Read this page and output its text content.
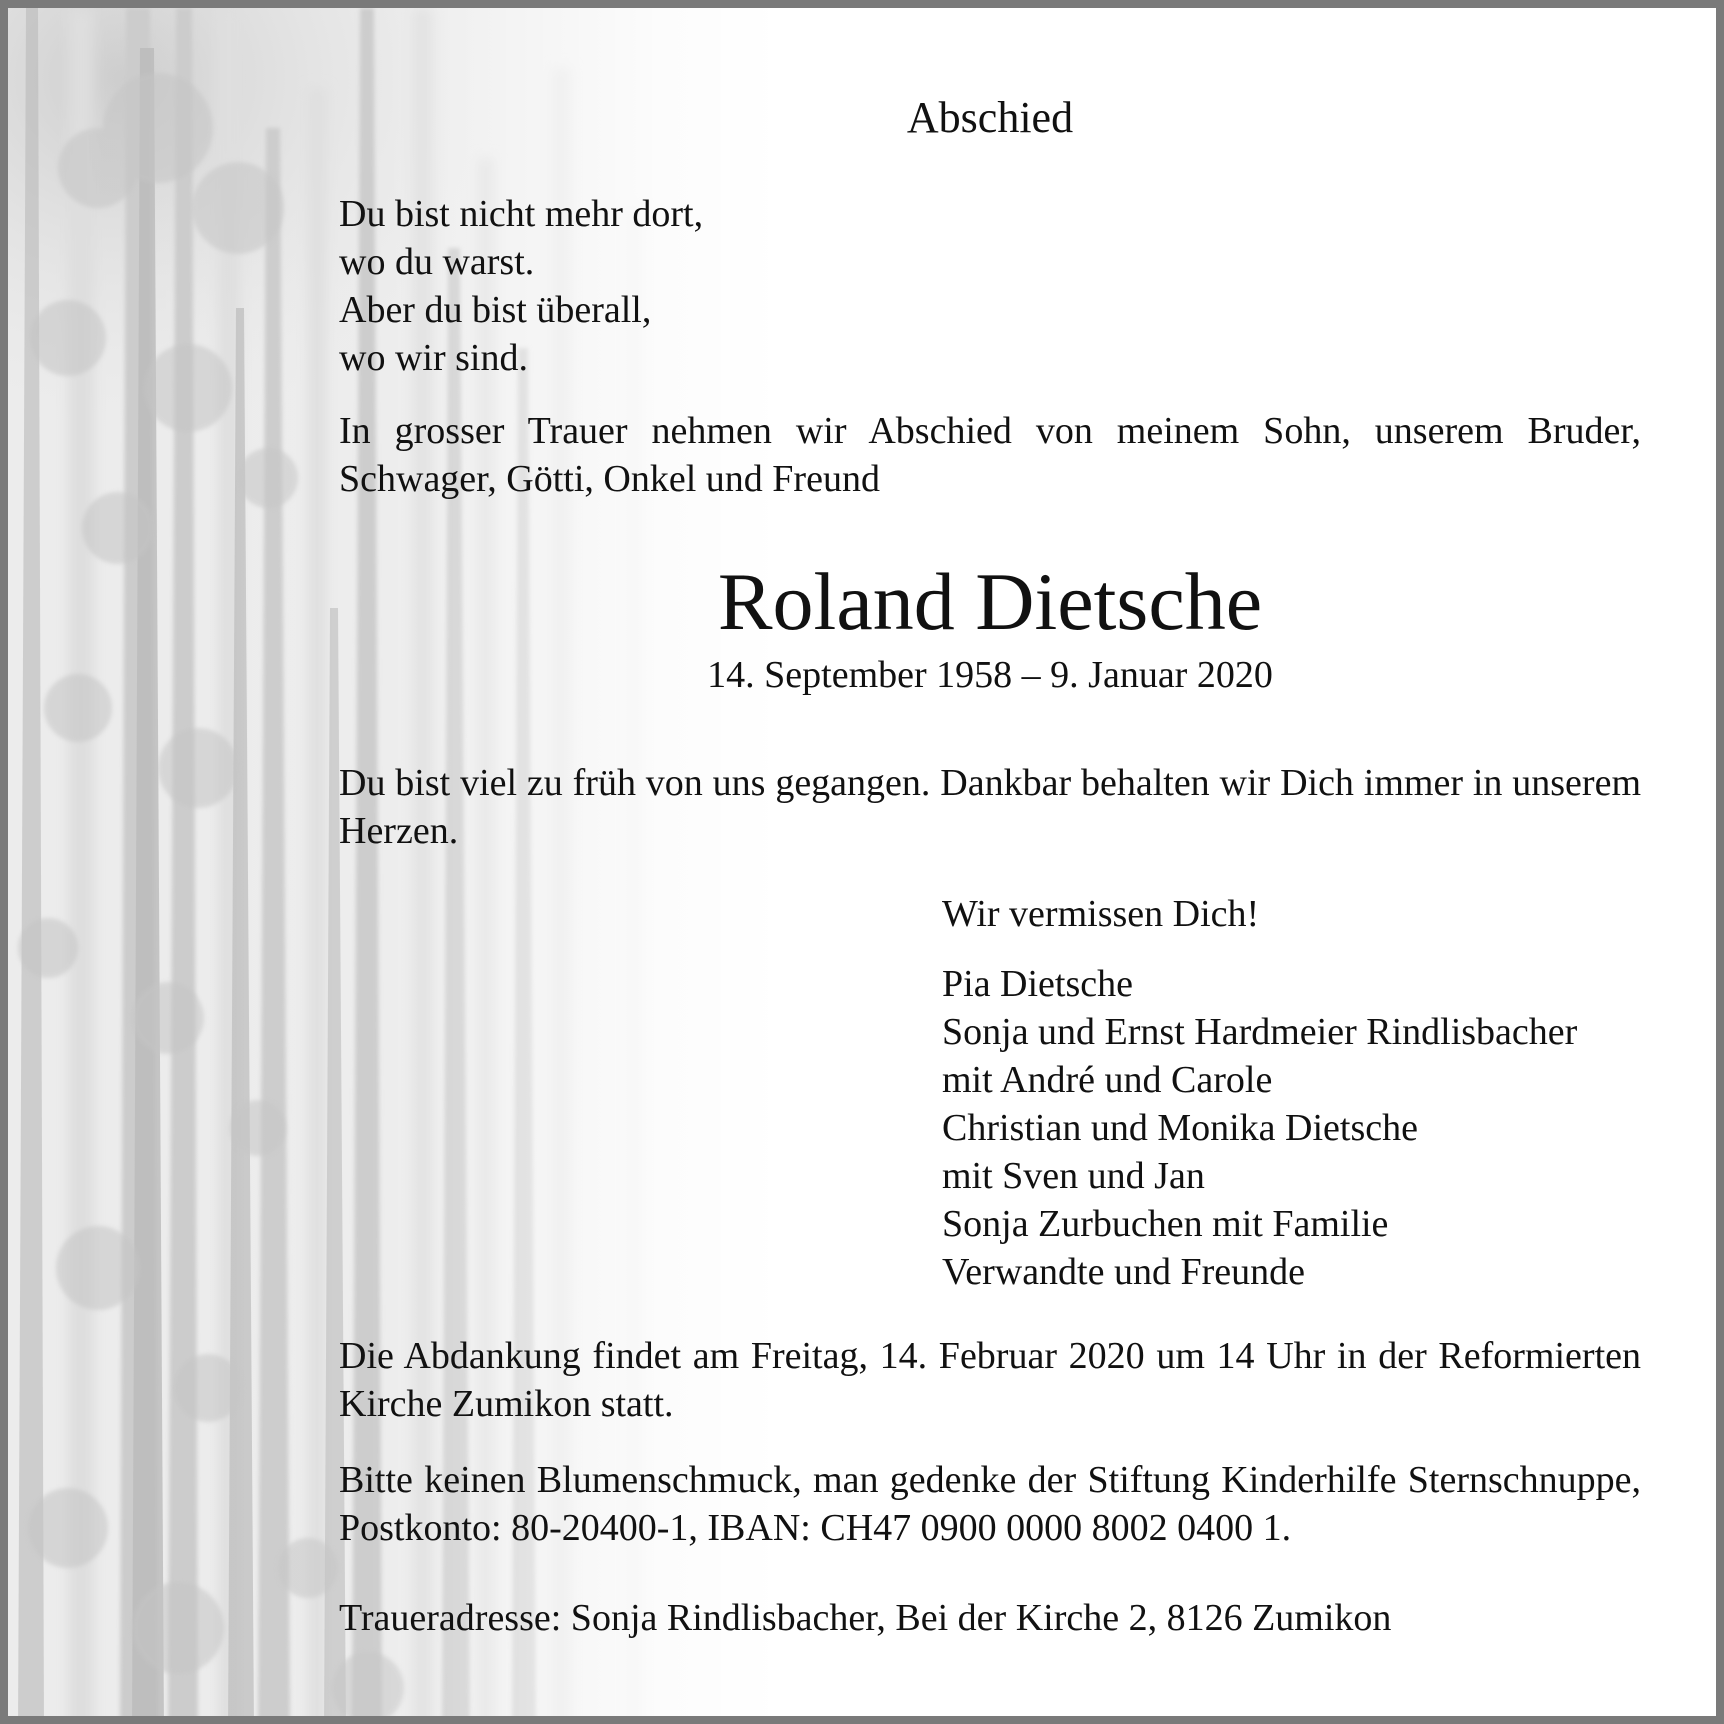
Abschied
Du bist nicht mehr dort,
wo du warst.
Aber du bist überall,
wo wir sind.
In grosser Trauer nehmen wir Abschied von meinem Sohn, unserem Bruder, Schwager, Götti, Onkel und Freund
Roland Dietsche
14. September 1958 – 9. Januar 2020
Du bist viel zu früh von uns gegangen. Dankbar behalten wir Dich immer in unserem Herzen.
Wir vermissen Dich!
Pia Dietsche
Sonja und Ernst Hardmeier Rindlisbacher
mit André und Carole
Christian und Monika Dietsche
mit Sven und Jan
Sonja Zurbuchen mit Familie
Verwandte und Freunde
Die Abdankung findet am Freitag, 14. Februar 2020 um 14 Uhr in der Reformierten Kirche Zumikon statt.
Bitte keinen Blumenschmuck, man gedenke der Stiftung Kinderhilfe Sternschnuppe, Postkonto: 80-20400-1, IBAN: CH47 0900 0000 8002 0400 1.
Traueradresse: Sonja Rindlisbacher, Bei der Kirche 2, 8126 Zumikon
